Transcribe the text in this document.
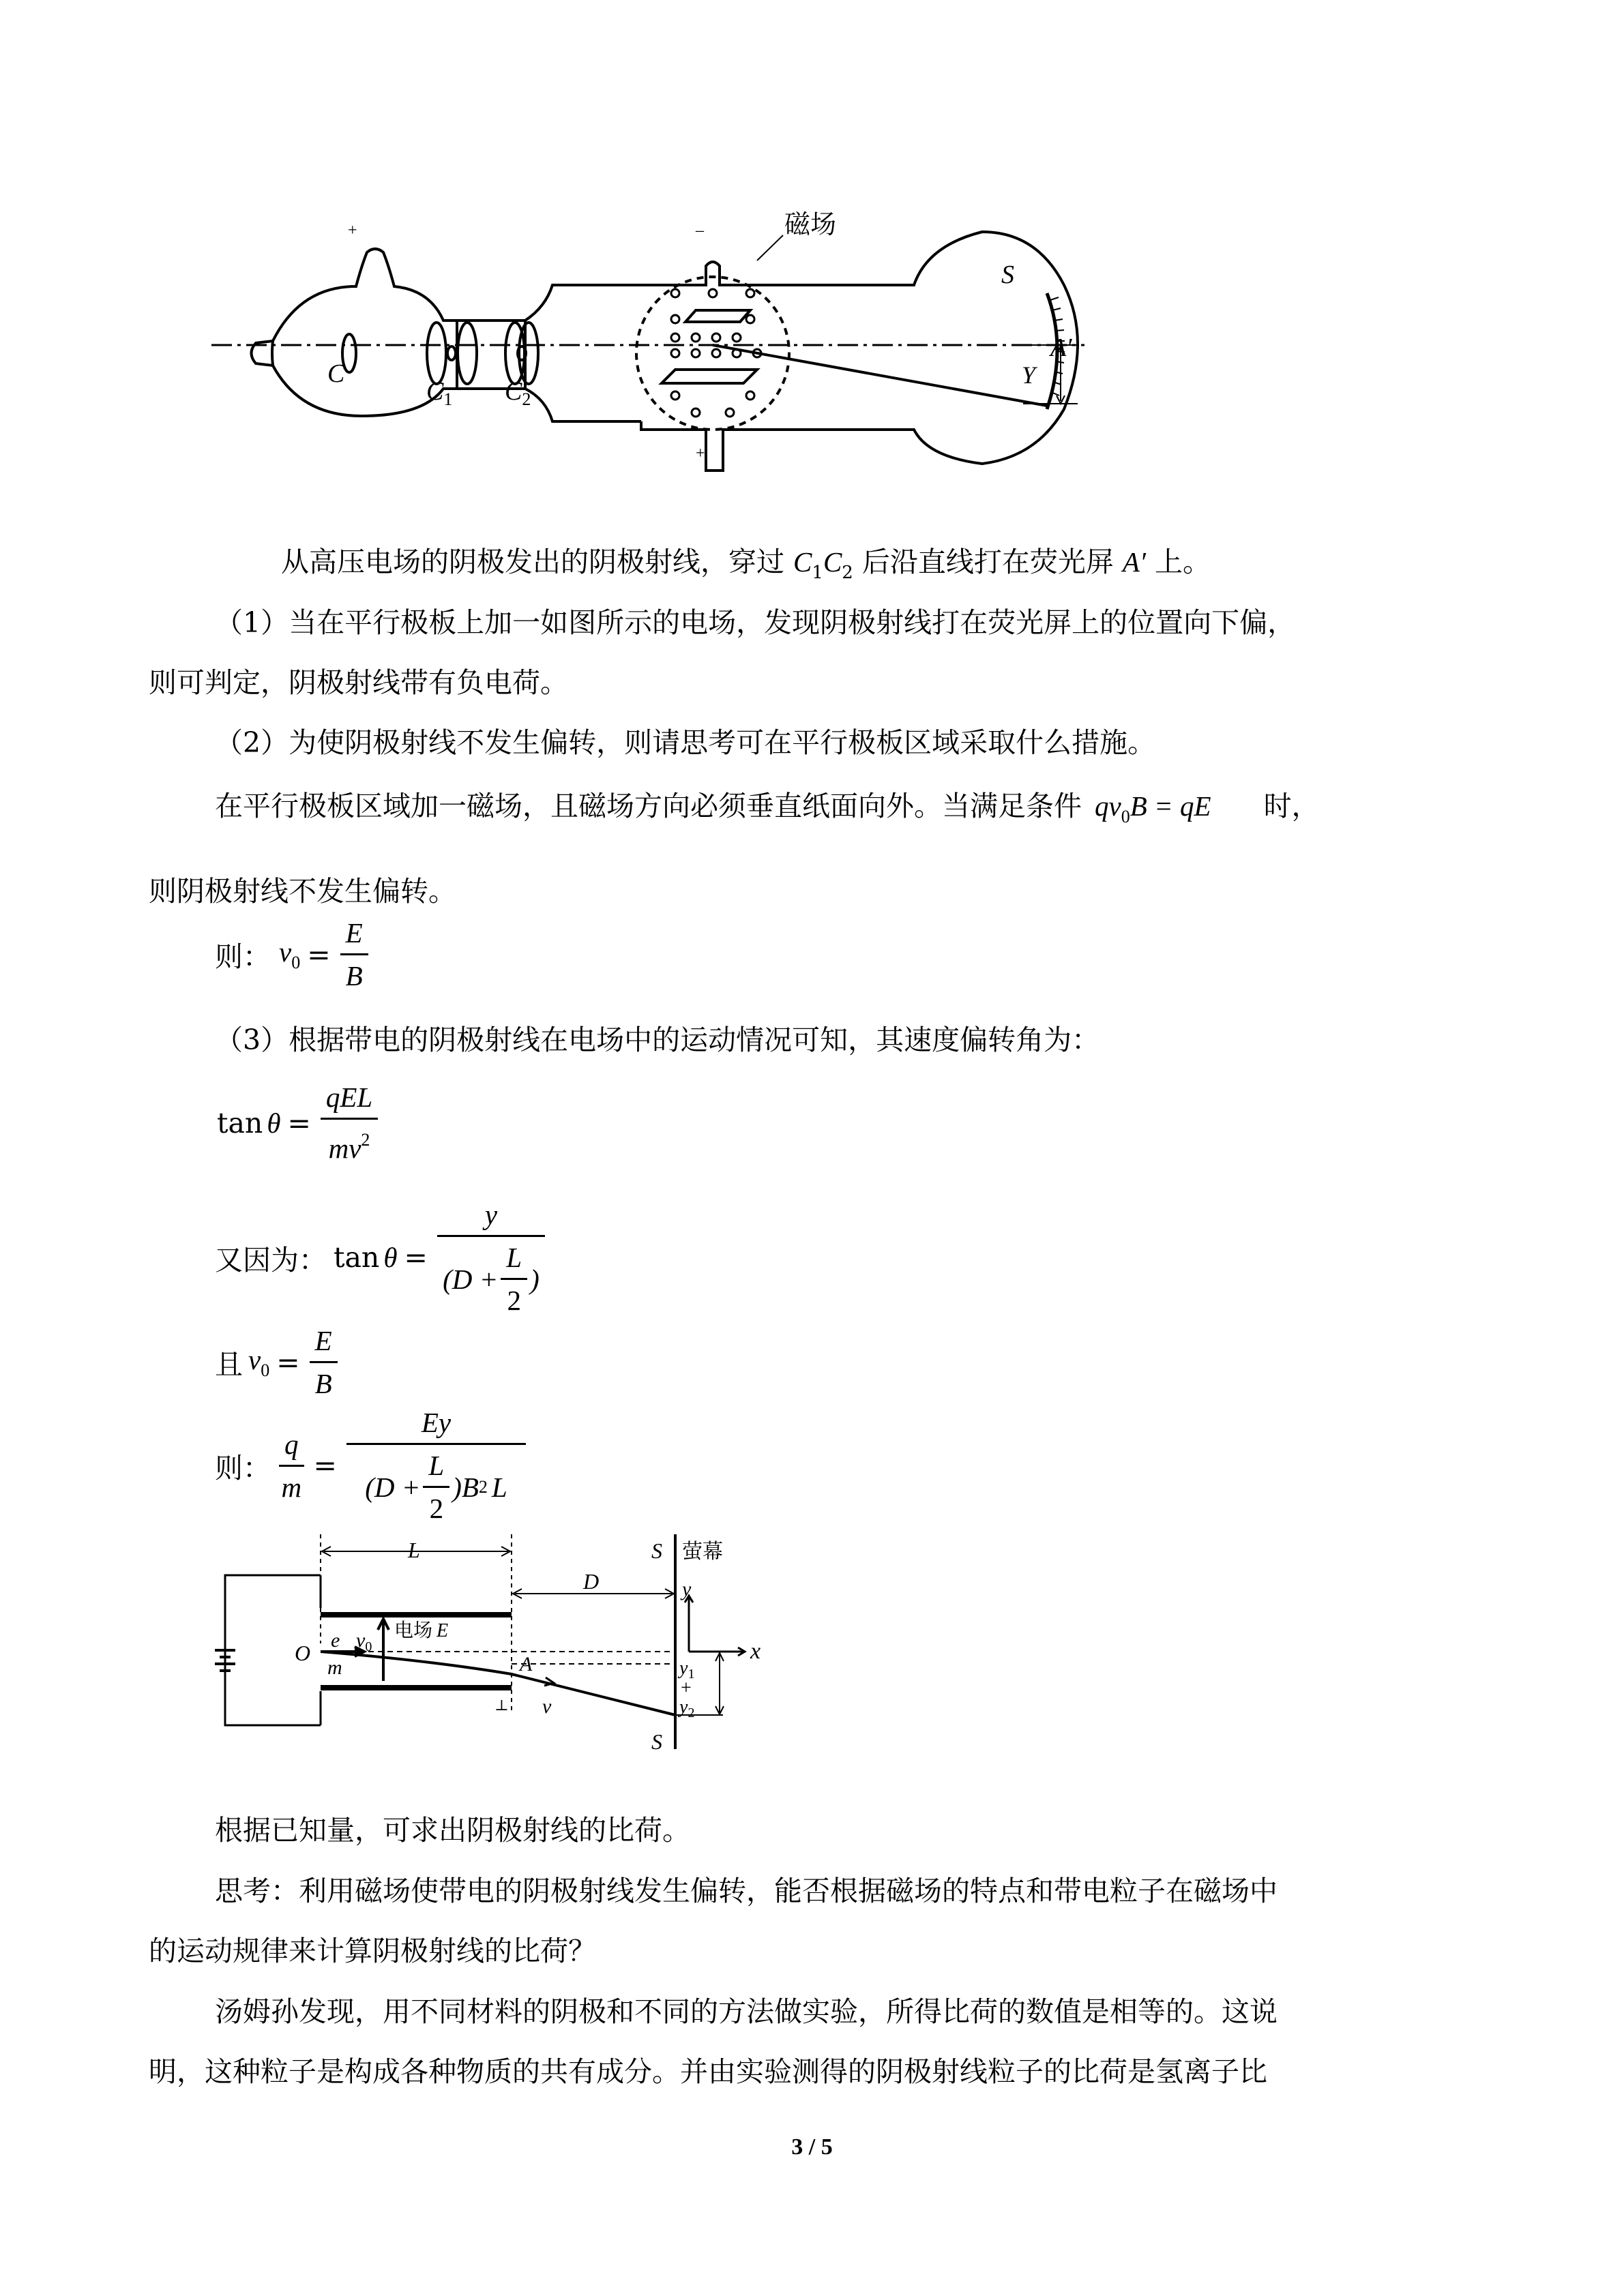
+	–	磁场
S
A′
Y
C
$C_1$ $C_2$
+
从高压电场的阴极发出的阴极射线，穿过 $C_1C_2$ 后沿直线打在荧光屏 A′ 上。
（1）当在平行极板上加一如图所示的电场，发现阴极射线打在荧光屏上的位置向下偏，
则可判定，阴极射线带有负电荷。
（2）为使阴极射线不发生偏转，则请思考可在平行极板区域采取什么措施。
在平行极板区域加一磁场，且磁场方向必须垂直纸面向外。当满足条件 $qv_0B$ = qE 时，
则阴极射线不发生偏转。
则： $v_0 = \frac{E}{B}$
（3）根据带电的阴极射线在电场中的运动情况可知，其速度偏转角为：
$\tan \theta = \frac{\text{qEL}}{mv^2}$
又因为： $\tan \theta = \frac{y}{(D + \frac{L}{2} )}$
且 $v_0 = \frac{E}{B}$
则： $\frac{q}{m} = \frac{Ey}{(D + \frac{L}{2} )B 2 L}$
L
D
S 萤幕
y
x
电场 E
O
e $v_0$
m	A	$y_1$
+
$y_2$
v
⊥
S
根据已知量，可求出阴极射线的比荷。
思考：利用磁场使带电的阴极射线发生偏转，能否根据磁场的特点和带电粒子在磁场中
的运动规律来计算阴极射线的比荷？
汤姆孙发现，用不同材料的阴极和不同的方法做实验，所得比荷的数值是相等的。这说
明，这种粒子是构成各种物质的共有成分。并由实验测得的阴极射线粒子的比荷是氢离子比
3 / 5
